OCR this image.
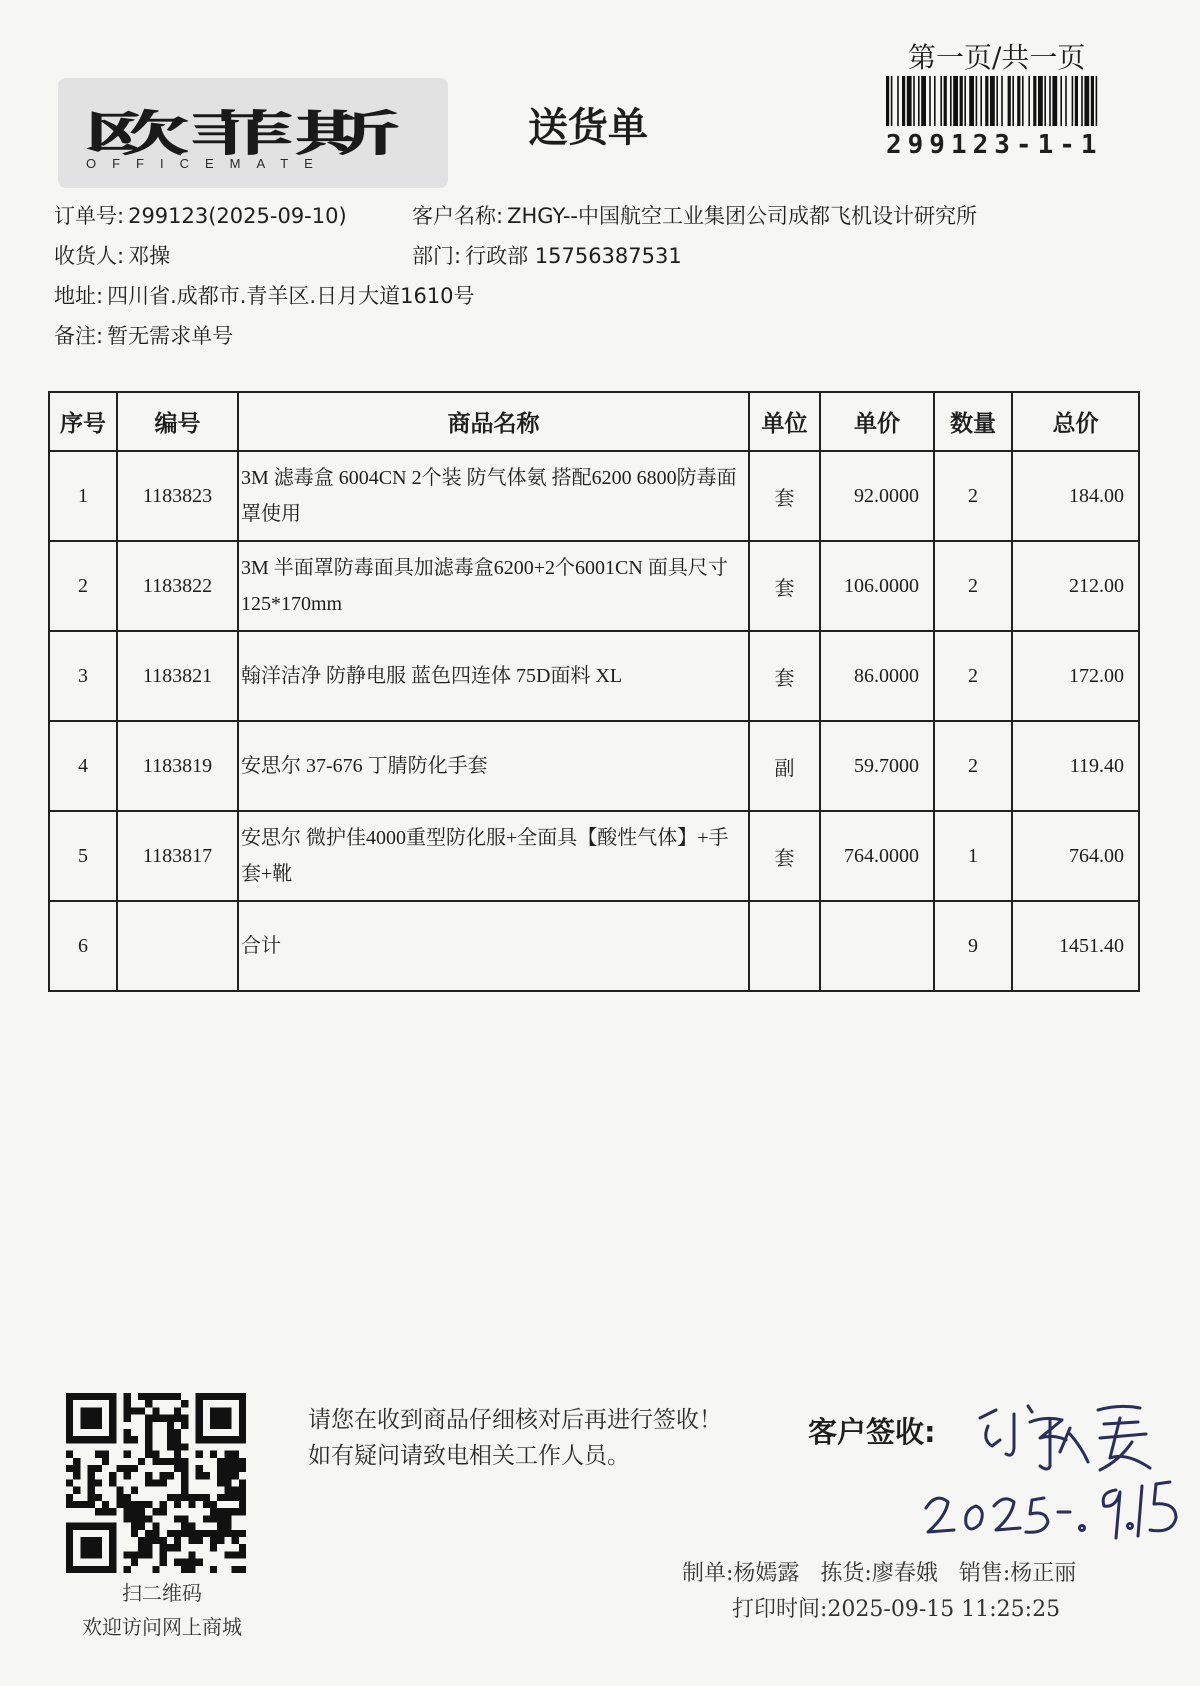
欧菲斯
OFFICEMATE
送货单
第一页/共一页
299123-1-1
订单号: 299123(2025-09-10)	客户名称: ZHGY--中国航空工业集团公司成都飞机设计研究所
收货人: 邓操	部门: 行政部 15756387531
地址: 四川省.成都市.青羊区.日月大道1610号
备注: 暂无需求单号
序号	编号	商品名称	单位	单价	数量	总价
1	1183823	3M 滤毒盒 6004CN 2个装 防气体氨 搭配6200 6800防毒面罩使用	套	92.0000	2	184.00
2	1183822	3M 半面罩防毒面具加滤毒盒6200+2个6001CN 面具尺寸125*170mm	套	106.0000	2	212.00
3	1183821	翰洋洁净 防静电服 蓝色四连体 75D面料 XL	套	86.0000	2	172.00
4	1183819	安思尔 37-676 丁腈防化手套	副	59.7000	2	119.40
5	1183817	安思尔 微护佳4000重型防化服+全面具【酸性气体】+手套+靴	套	764.0000	1	764.00
6		合计			9	1451.40
扫二维码
欢迎访问网上商城
请您在收到商品仔细核对后再进行签收！如有疑问请致电相关工作人员。
客户签收:
制单:杨嫣露 拣货:廖春娥 销售:杨正丽
打印时间:2025-09-15 11:25:25
